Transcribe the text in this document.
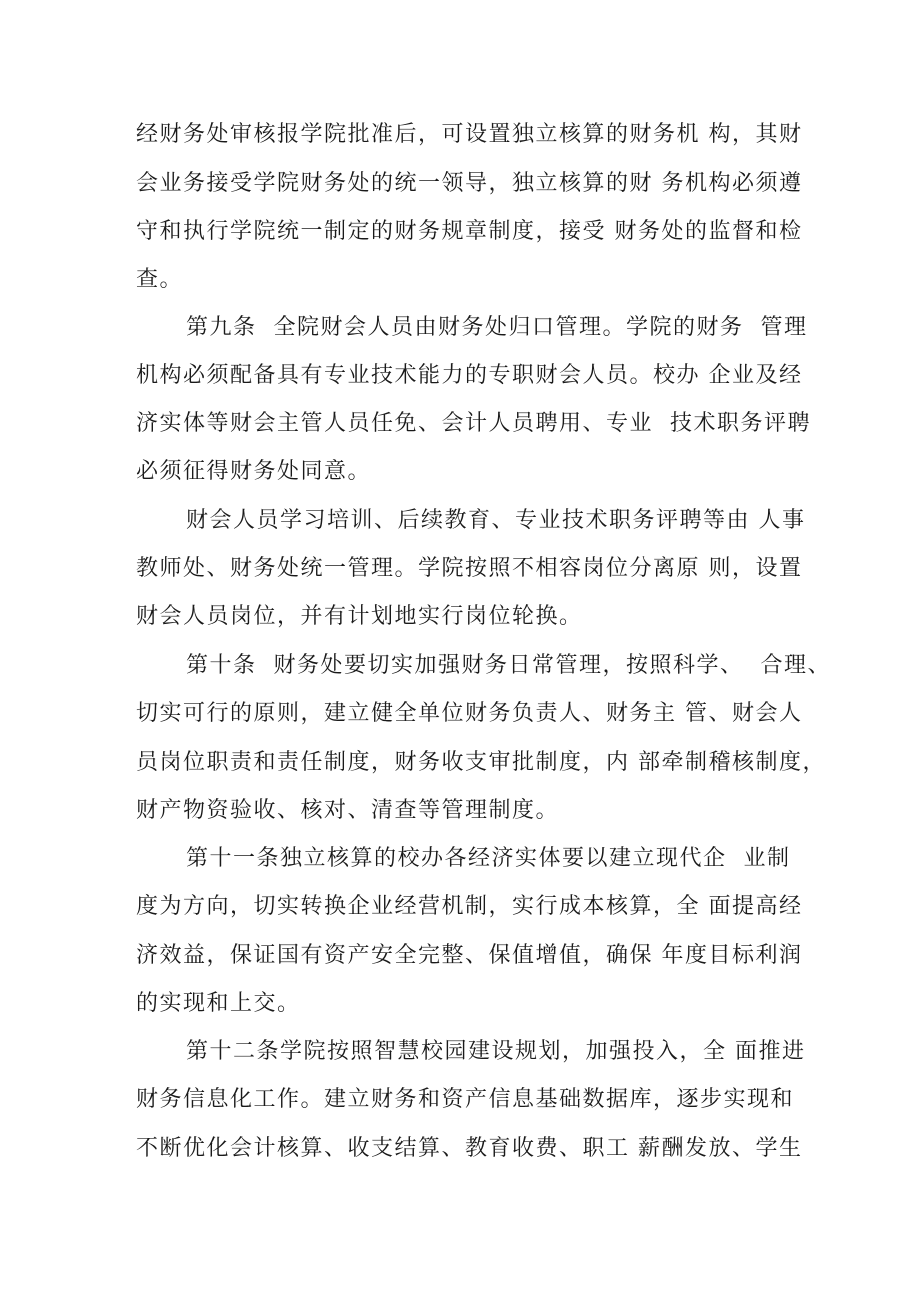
经财务处审核报学院批准后，可设置独立核算的财务机 构，其财
会业务接受学院财务处的统一领导，独立核算的财 务机构必须遵
守和执行学院统一制定的财务规章制度，接受 财务处的监督和检
查。
第九条  全院财会人员由财务处归口管理。学院的财务  管理
机构必须配备具有专业技术能力的专职财会人员。校办 企业及经
济实体等财会主管人员任免、会计人员聘用、专业  技术职务评聘
必须征得财务处同意。
财会人员学习培训、后续教育、专业技术职务评聘等由 人事
教师处、财务处统一管理。学院按照不相容岗位分离原 则，设置
财会人员岗位，并有计划地实行岗位轮换。
第十条  财务处要切实加强财务日常管理，按照科学、  合理、
切实可行的原则，建立健全单位财务负责人、财务主 管、财会人
员岗位职责和责任制度，财务收支审批制度，内 部牵制稽核制度，
财产物资验收、核对、清查等管理制度。
第十一条独立核算的校办各经济实体要以建立现代企  业制
度为方向，切实转换企业经营机制，实行成本核算，全 面提高经
济效益，保证国有资产安全完整、保值增值，确保 年度目标利润
的实现和上交。
第十二条学院按照智慧校园建设规划，加强投入，全 面推进
财务信息化工作。建立财务和资产信息基础数据库，逐步实现和
不断优化会计核算、收支结算、教育收费、职工 薪酬发放、学生
